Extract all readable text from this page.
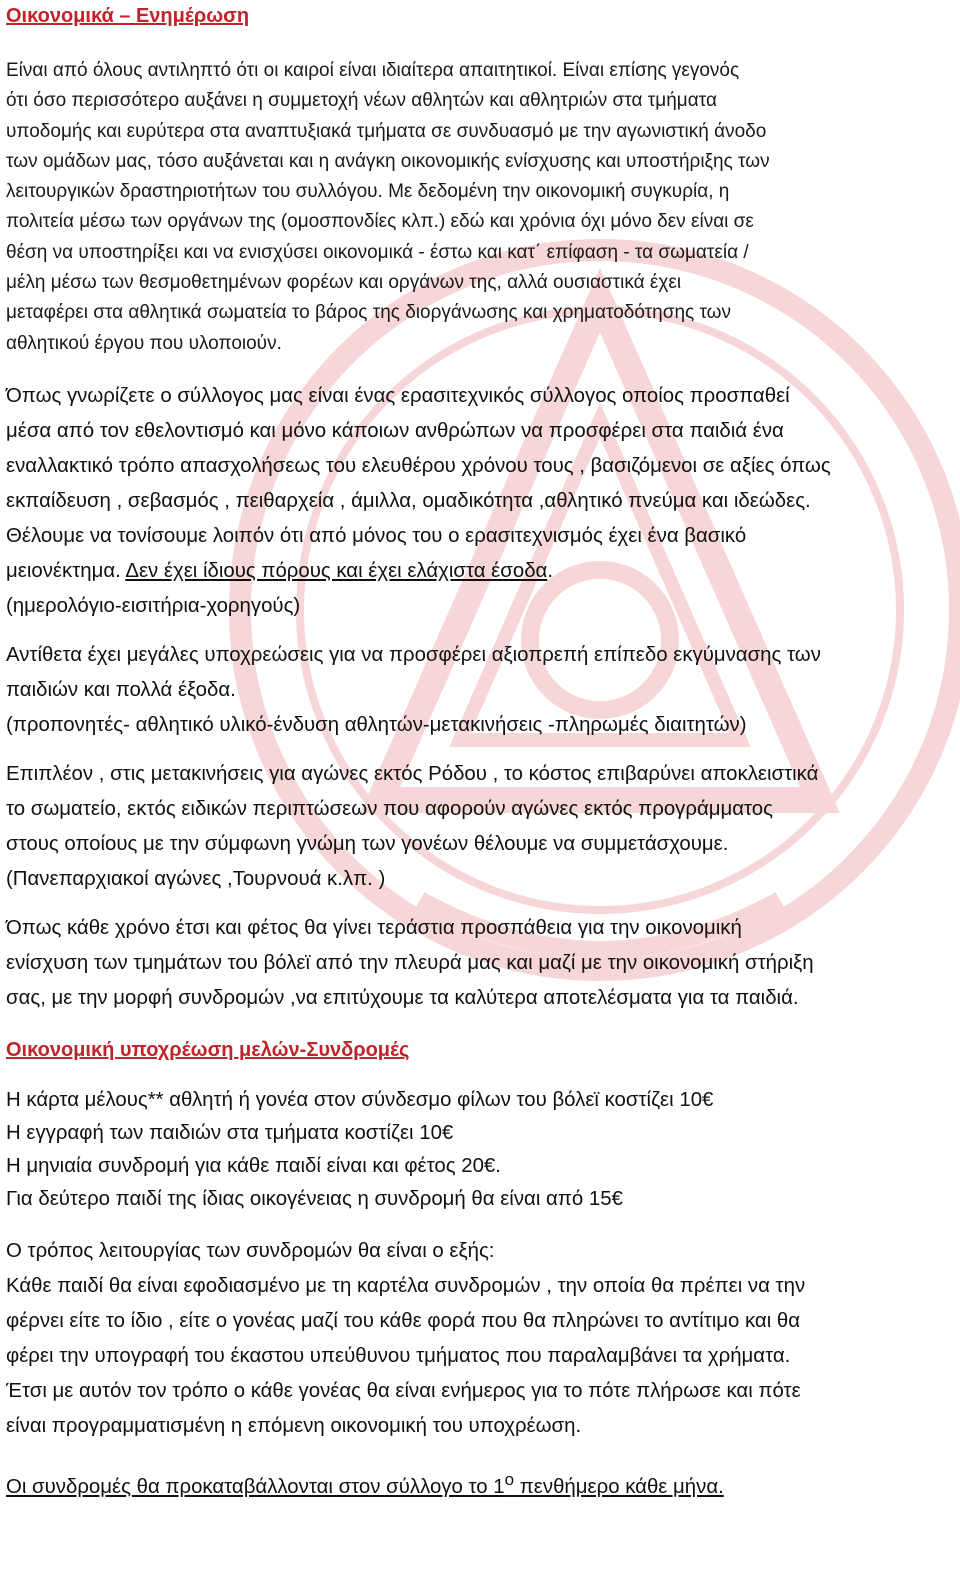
Οικονομικά – Ενημέρωση
Είναι από όλους αντιληπτό ότι οι καιροί είναι ιδιαίτερα απαιτητικοί. Είναι επίσης γεγονός
ότι όσο περισσότερο αυξάνει η συμμετοχή νέων αθλητών και αθλητριών στα τμήματα
υποδομής και ευρύτερα στα αναπτυξιακά τμήματα σε συνδυασμό με την αγωνιστική άνοδο
των ομάδων μας, τόσο αυξάνεται και η ανάγκη οικονομικής ενίσχυσης και υποστήριξης των
λειτουργικών δραστηριοτήτων του συλλόγου. Με δεδομένη την οικονομική συγκυρία, η
πολιτεία μέσω των οργάνων της (ομοσπονδίες κλπ.) εδώ και χρόνια όχι μόνο δεν είναι σε
θέση να υποστηρίξει και να ενισχύσει οικονομικά - έστω και κατ΄ επίφαση - τα σωματεία /
μέλη μέσω των θεσμοθετημένων φορέων και οργάνων της, αλλά ουσιαστικά έχει
μεταφέρει στα αθλητικά σωματεία το βάρος της διοργάνωσης και χρηματοδότησης των
αθλητικού έργου που υλοποιούν.
Όπως γνωρίζετε ο σύλλογος μας είναι ένας ερασιτεχνικός σύλλογος οποίος προσπαθεί
μέσα από τον εθελοντισμό και μόνο κάποιων ανθρώπων να προσφέρει στα παιδιά ένα
εναλλακτικό τρόπο απασχολήσεως του ελευθέρου χρόνου τους , βασιζόμενοι σε αξίες όπως
εκπαίδευση , σεβασμός , πειθαρχεία , άμιλλα, ομαδικότητα ,αθλητικό πνεύμα και ιδεώδες.
Θέλουμε να τονίσουμε λοιπόν ότι από μόνος του ο ερασιτεχνισμός έχει ένα βασικό
μειονέκτημα. Δεν έχει ίδιους πόρους και έχει ελάχιστα έσοδα.
(ημερολόγιο-εισιτήρια-χορηγούς)
Αντίθετα έχει μεγάλες υποχρεώσεις για να προσφέρει αξιοπρεπή επίπεδο εκγύμνασης των
παιδιών και πολλά έξοδα.
(προπονητές- αθλητικό υλικό-ένδυση αθλητών-μετακινήσεις -πληρωμές διαιτητών)
Επιπλέον , στις μετακινήσεις για αγώνες εκτός Ρόδου , το κόστος επιβαρύνει αποκλειστικά
το σωματείο, εκτός ειδικών περιπτώσεων που αφορούν αγώνες εκτός προγράμματος
στους οποίους με την σύμφωνη γνώμη των γονέων θέλουμε να συμμετάσχουμε.
(Πανεπαρχιακοί αγώνες ,Τουρνουά κ.λπ. )
Όπως κάθε χρόνο έτσι και φέτος θα γίνει τεράστια προσπάθεια για την οικονομική
ενίσχυση των τμημάτων του βόλεϊ από την πλευρά μας και μαζί με την οικονομική στήριξη
σας, με την μορφή συνδρομών ,να επιτύχουμε τα καλύτερα αποτελέσματα για τα παιδιά.
Οικονομική υποχρέωση μελών-Συνδρομές
Η κάρτα μέλους** αθλητή ή γονέα στον σύνδεσμο φίλων του βόλεϊ κοστίζει 10€
Η εγγραφή των παιδιών στα τμήματα κοστίζει 10€
Η μηνιαία συνδρομή για κάθε παιδί είναι και φέτος 20€.
Για δεύτερο παιδί της ίδιας οικογένειας η συνδρομή θα είναι από 15€
Ο τρόπος λειτουργίας των συνδρομών θα είναι ο εξής:
Κάθε παιδί θα είναι εφοδιασμένο με τη καρτέλα συνδρομών , την οποία θα πρέπει να την
φέρνει είτε το ίδιο , είτε ο γονέας μαζί του κάθε φορά που θα πληρώνει το αντίτιμο και θα
φέρει την υπογραφή του έκαστου υπεύθυνου τμήματος που παραλαμβάνει τα χρήματα.
Έτσι με αυτόν τον τρόπο ο κάθε γονέας θα είναι ενήμερος για το πότε πλήρωσε και πότε
είναι προγραμματισμένη η επόμενη οικονομική του υποχρέωση.
Οι συνδρομές θα προκαταβάλλονται στον σύλλογο το $1^o$ πενθήμερο κάθε μήνα.
